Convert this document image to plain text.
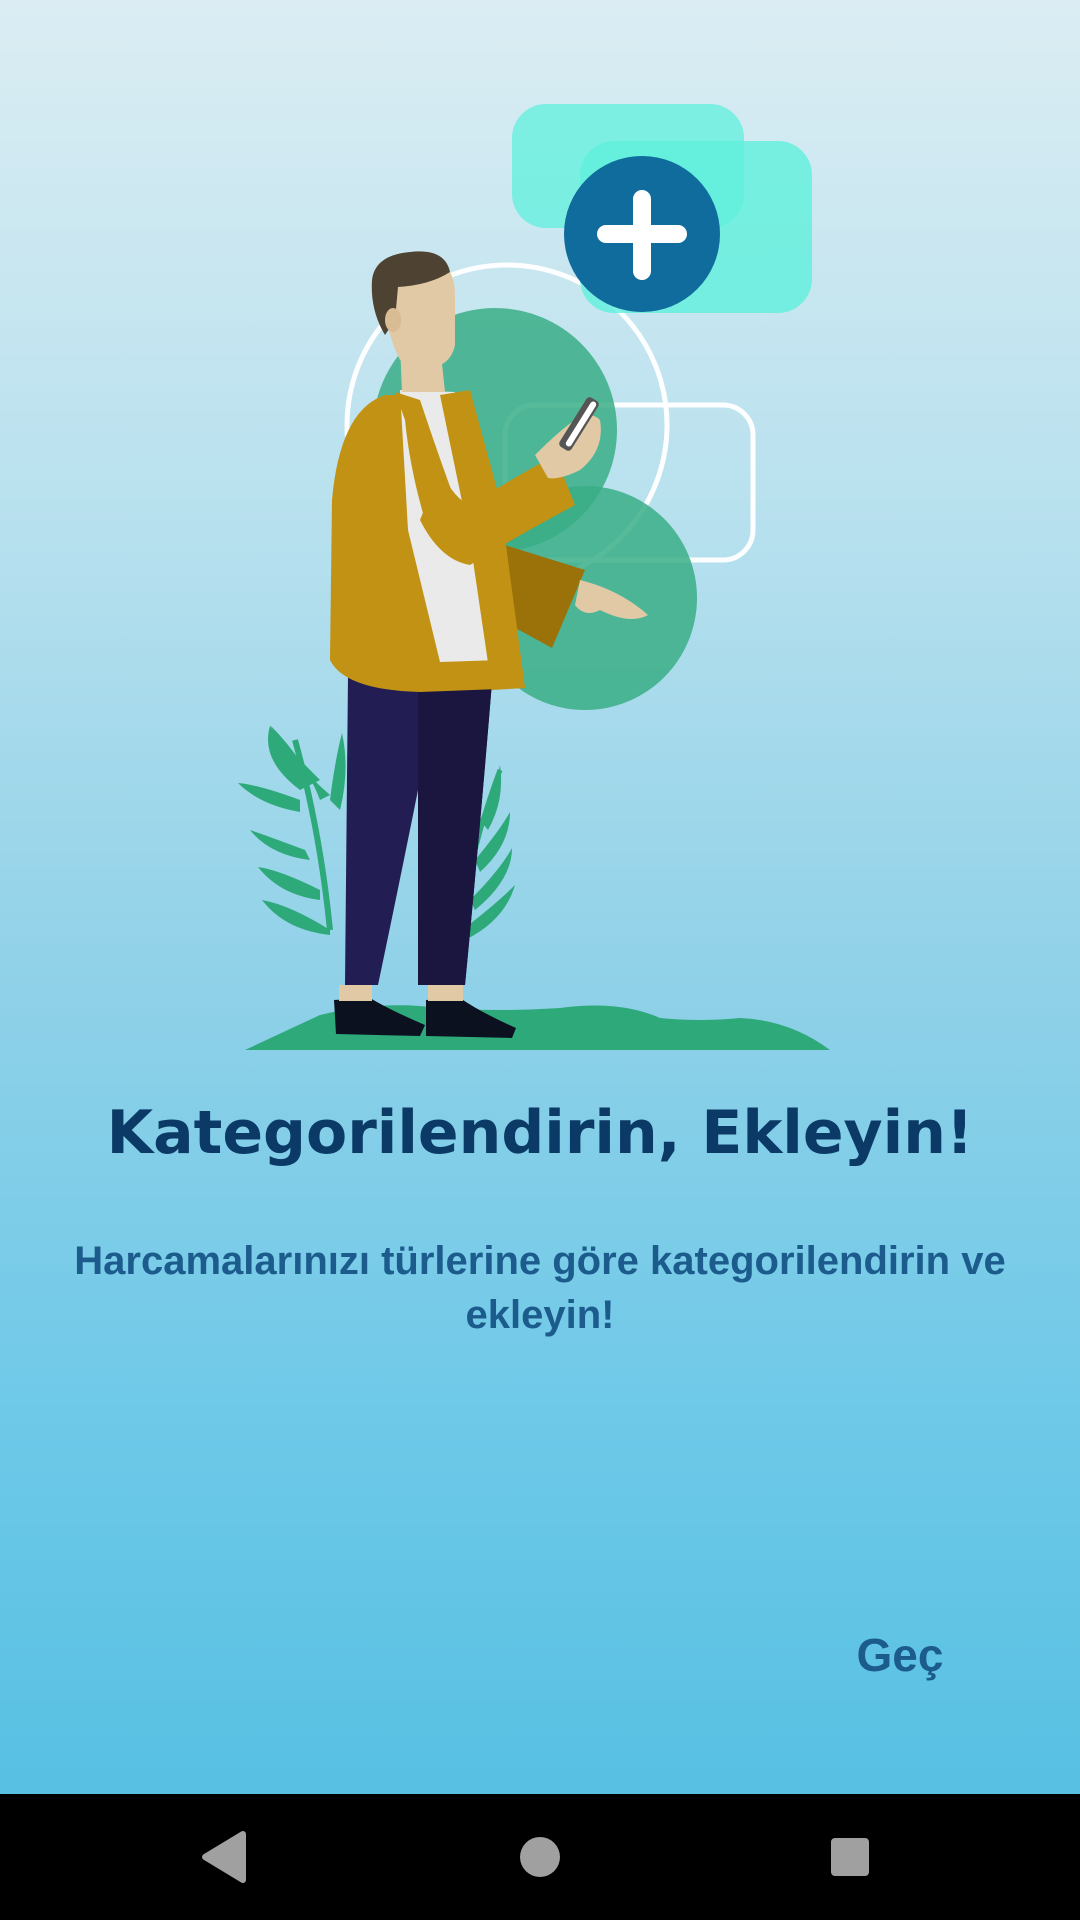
Kategorilendirin, Ekleyin!

Harcamalarınızı türlerine göre kategorilendirin ve ekleyin!

Geç
